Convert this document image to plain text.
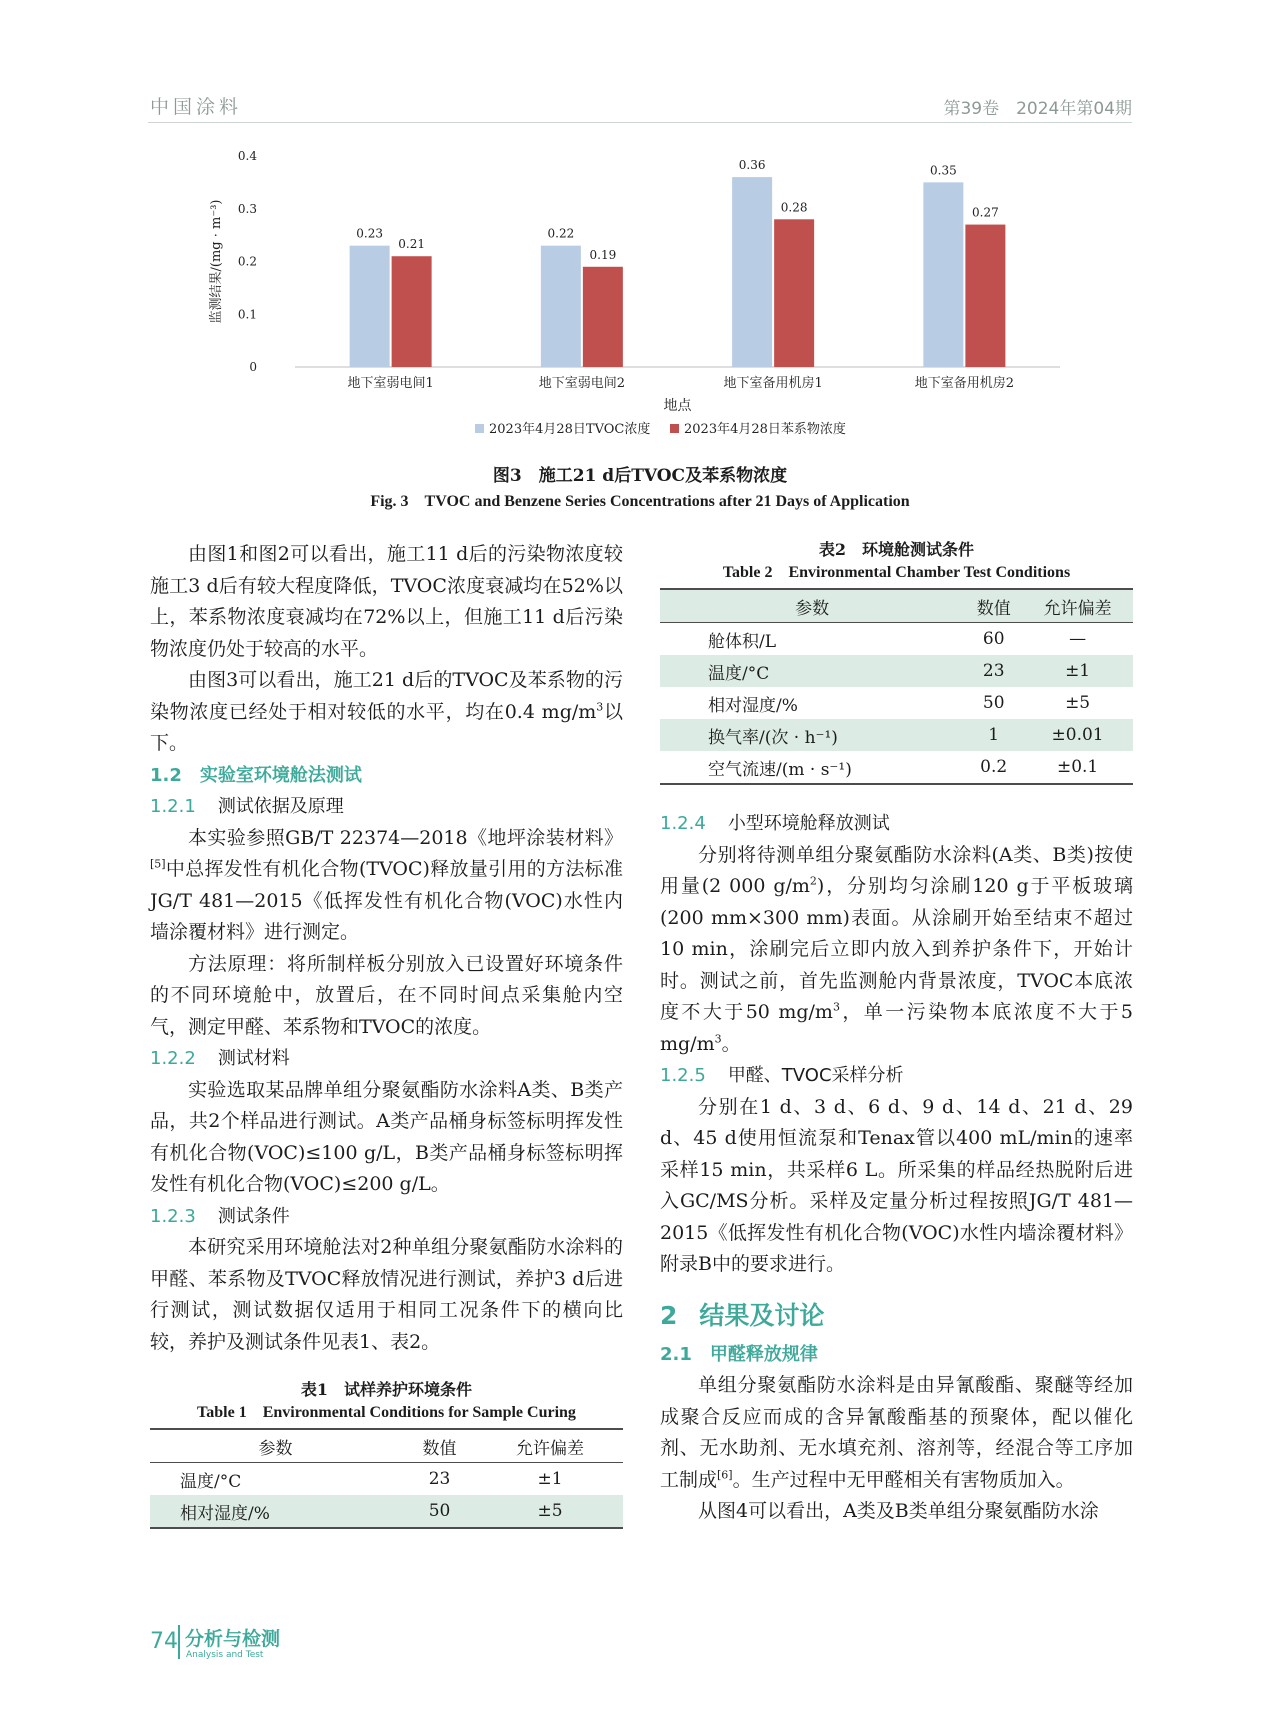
中国涂料	第39卷　2024年第04期
0
0.1
0.2
0.3
0.4
监测结果/(mg · m⁻³)	0.23
0.21
地下室弱电间1
0.22
0.19
地下室弱电间2
0.36
0.28
地下室备用机房1
0.35
0.27
地下室备用机房2
地点
2023年4月28日TVOC浓度	2023年4月28日苯系物浓度
图3　施工21 d后TVOC及苯系物浓度
Fig. 3　TVOC and Benzene Series Concentrations after 21 Days of Application

由图1和图2可以看出，施工11 d后的污染物浓度较施工3 d后有较大程度降低，TVOC浓度衰减均在52%以上，苯系物浓度衰减均在72%以上，但施工11 d后污染物浓度仍处于较高的水平。

由图3可以看出，施工21 d后的TVOC及苯系物的污染物浓度已经处于相对较低的水平，均在0.4 $mg/m^3$以下。

1.2 实验室环境舱法测试
1.2.1 测试依据及原理

本实验参照GB/T 22374—2018《地坪涂装材料》[5]中总挥发性有机化合物(TVOC)释放量引用的方法标准JG/T 481—2015《低挥发性有机化合物(VOC)水性内墙涂覆材料》进行测定。

方法原理：将所制样板分别放入已设置好环境条件的不同环境舱中，放置后，在不同时间点采集舱内空气，测定甲醛、苯系物和TVOC的浓度。

1.2.2 测试材料

实验选取某品牌单组分聚氨酯防水涂料A类、B类产品，共2个样品进行测试。A类产品桶身标签标明挥发性有机化合物(VOC)≤100 g/L，B类产品桶身标签标明挥发性有机化合物(VOC)≤200 g/L。

1.2.3 测试条件

本研究采用环境舱法对2种单组分聚氨酯防水涂料的甲醛、苯系物及TVOC释放情况进行测试，养护3 d后进行测试，测试数据仅适用于相同工况条件下的横向比较，养护及测试条件见表1、表2。

表1　试样养护环境条件
Table 1　Environmental Conditions for Sample Curing
参数	数值	允许偏差
温度/°C	23	±1
相对湿度/%	50	±5
表2　环境舱测试条件
Table 2　Environmental Chamber Test Conditions
参数	数值	允许偏差
舱体积/L	60	—
温度/°C	23	±1
相对湿度/%	50	±5
换气率/(次 · h⁻¹)	1	±0.01
空气流速/(m · s⁻¹)	0.2	±0.1
1.2.4 小型环境舱释放测试

分别将待测单组分聚氨酯防水涂料(A类、B类)按使用量(2 000 $g/m^2$)，分别均匀涂刷120 g于平板玻璃(200 mm×300 mm)表面。从涂刷开始至结束不超过10 min，涂刷完后立即内放入到养护条件下，开始计时。测试之前，首先监测舱内背景浓度，TVOC本底浓度不大于50 $mg/m^3$，单一污染物本底浓度不大于5 $mg/m^3$。

1.2.5 甲醛、TVOC采样分析

分别在1 d、3 d、6 d、9 d、14 d、21 d、29 d、45 d使用恒流泵和Tenax管以400 mL/min的速率采样15 min，共采样6 L。所采集的样品经热脱附后进入GC/MS分析。采样及定量分析过程按照JG/T 481—2015《低挥发性有机化合物(VOC)水性内墙涂覆材料》附录B中的要求进行。

2 结果及讨论
2.1 甲醛释放规律

单组分聚氨酯防水涂料是由异氰酸酯、聚醚等经加成聚合反应而成的含异氰酸酯基的预聚体，配以催化剂、无水助剂、无水填充剂、溶剂等，经混合等工序加工制成[6]。生产过程中无甲醛相关有害物质加入。

从图4可以看出，A类及B类单组分聚氨酯防水涂

74 分析与检测
Analysis and Test
